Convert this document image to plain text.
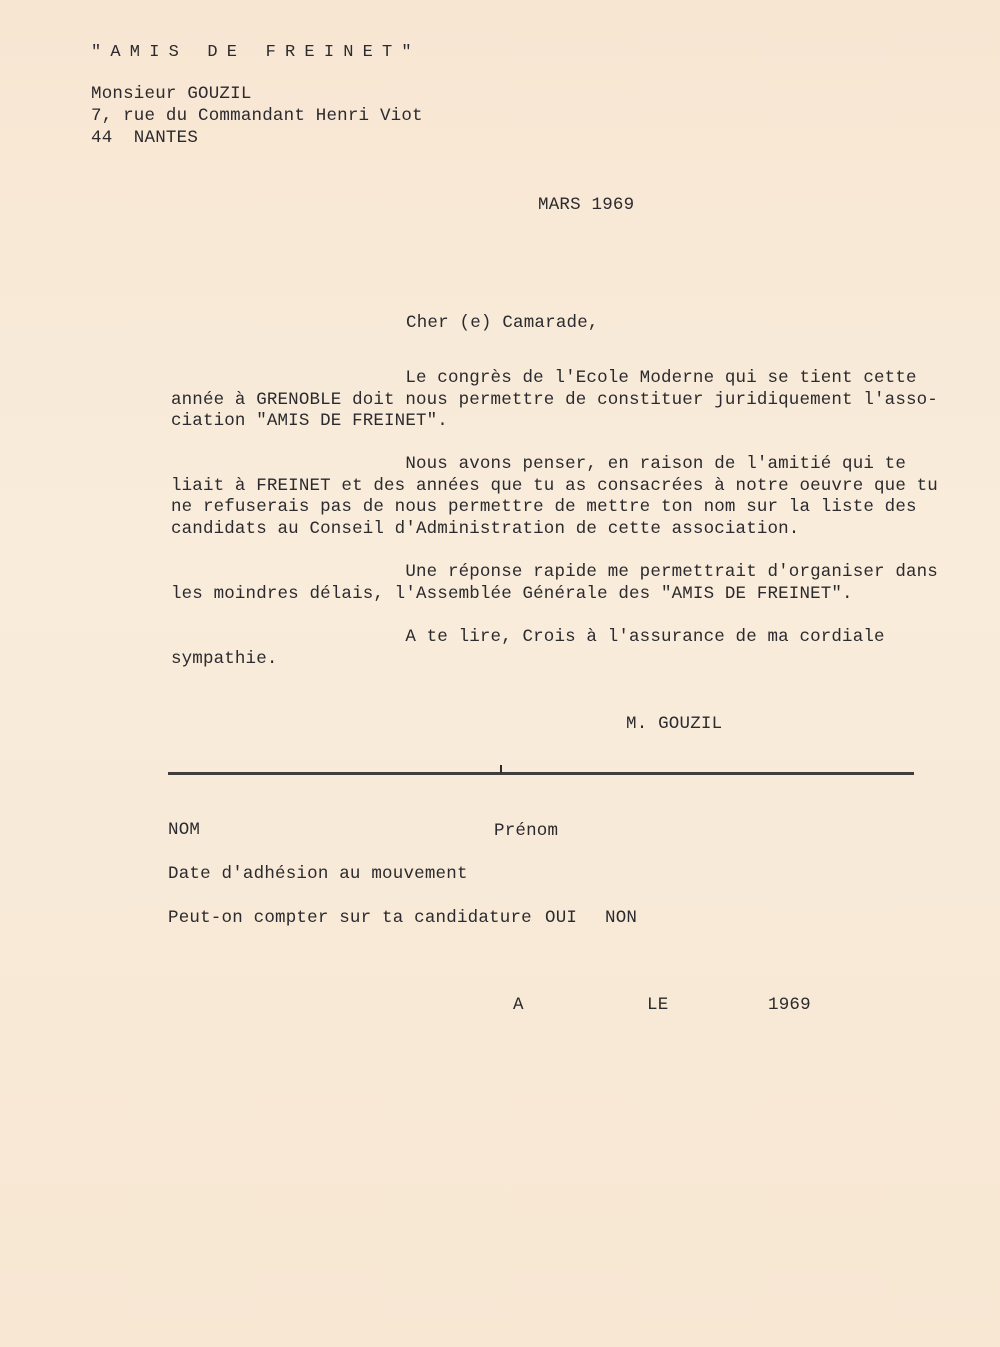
"AMIS DE FREINET"
Monsieur GOUZIL
7, rue du Commandant Henri Viot
44  NANTES
MARS 1969
Cher (e) Camarade,
Le congrès de l'Ecole Moderne qui se tient cette
année à GRENOBLE doit nous permettre de constituer juridiquement l'asso-
ciation "AMIS DE FREINET".
Nous avons penser, en raison de l'amitié qui te
liait à FREINET et des années que tu as consacrées à notre oeuvre que tu
ne refuserais pas de nous permettre de mettre ton nom sur la liste des
candidats au Conseil d'Administration de cette association.
Une réponse rapide me permettrait d'organiser dans
les moindres délais, l'Assemblée Générale des "AMIS DE FREINET".
A te lire, Crois à l'assurance de ma cordiale
sympathie.
M. GOUZIL
NOM	Prénom
Date d'adhésion au mouvement
Peut-on compter sur ta candidature OUI NON
A	LE	1969
